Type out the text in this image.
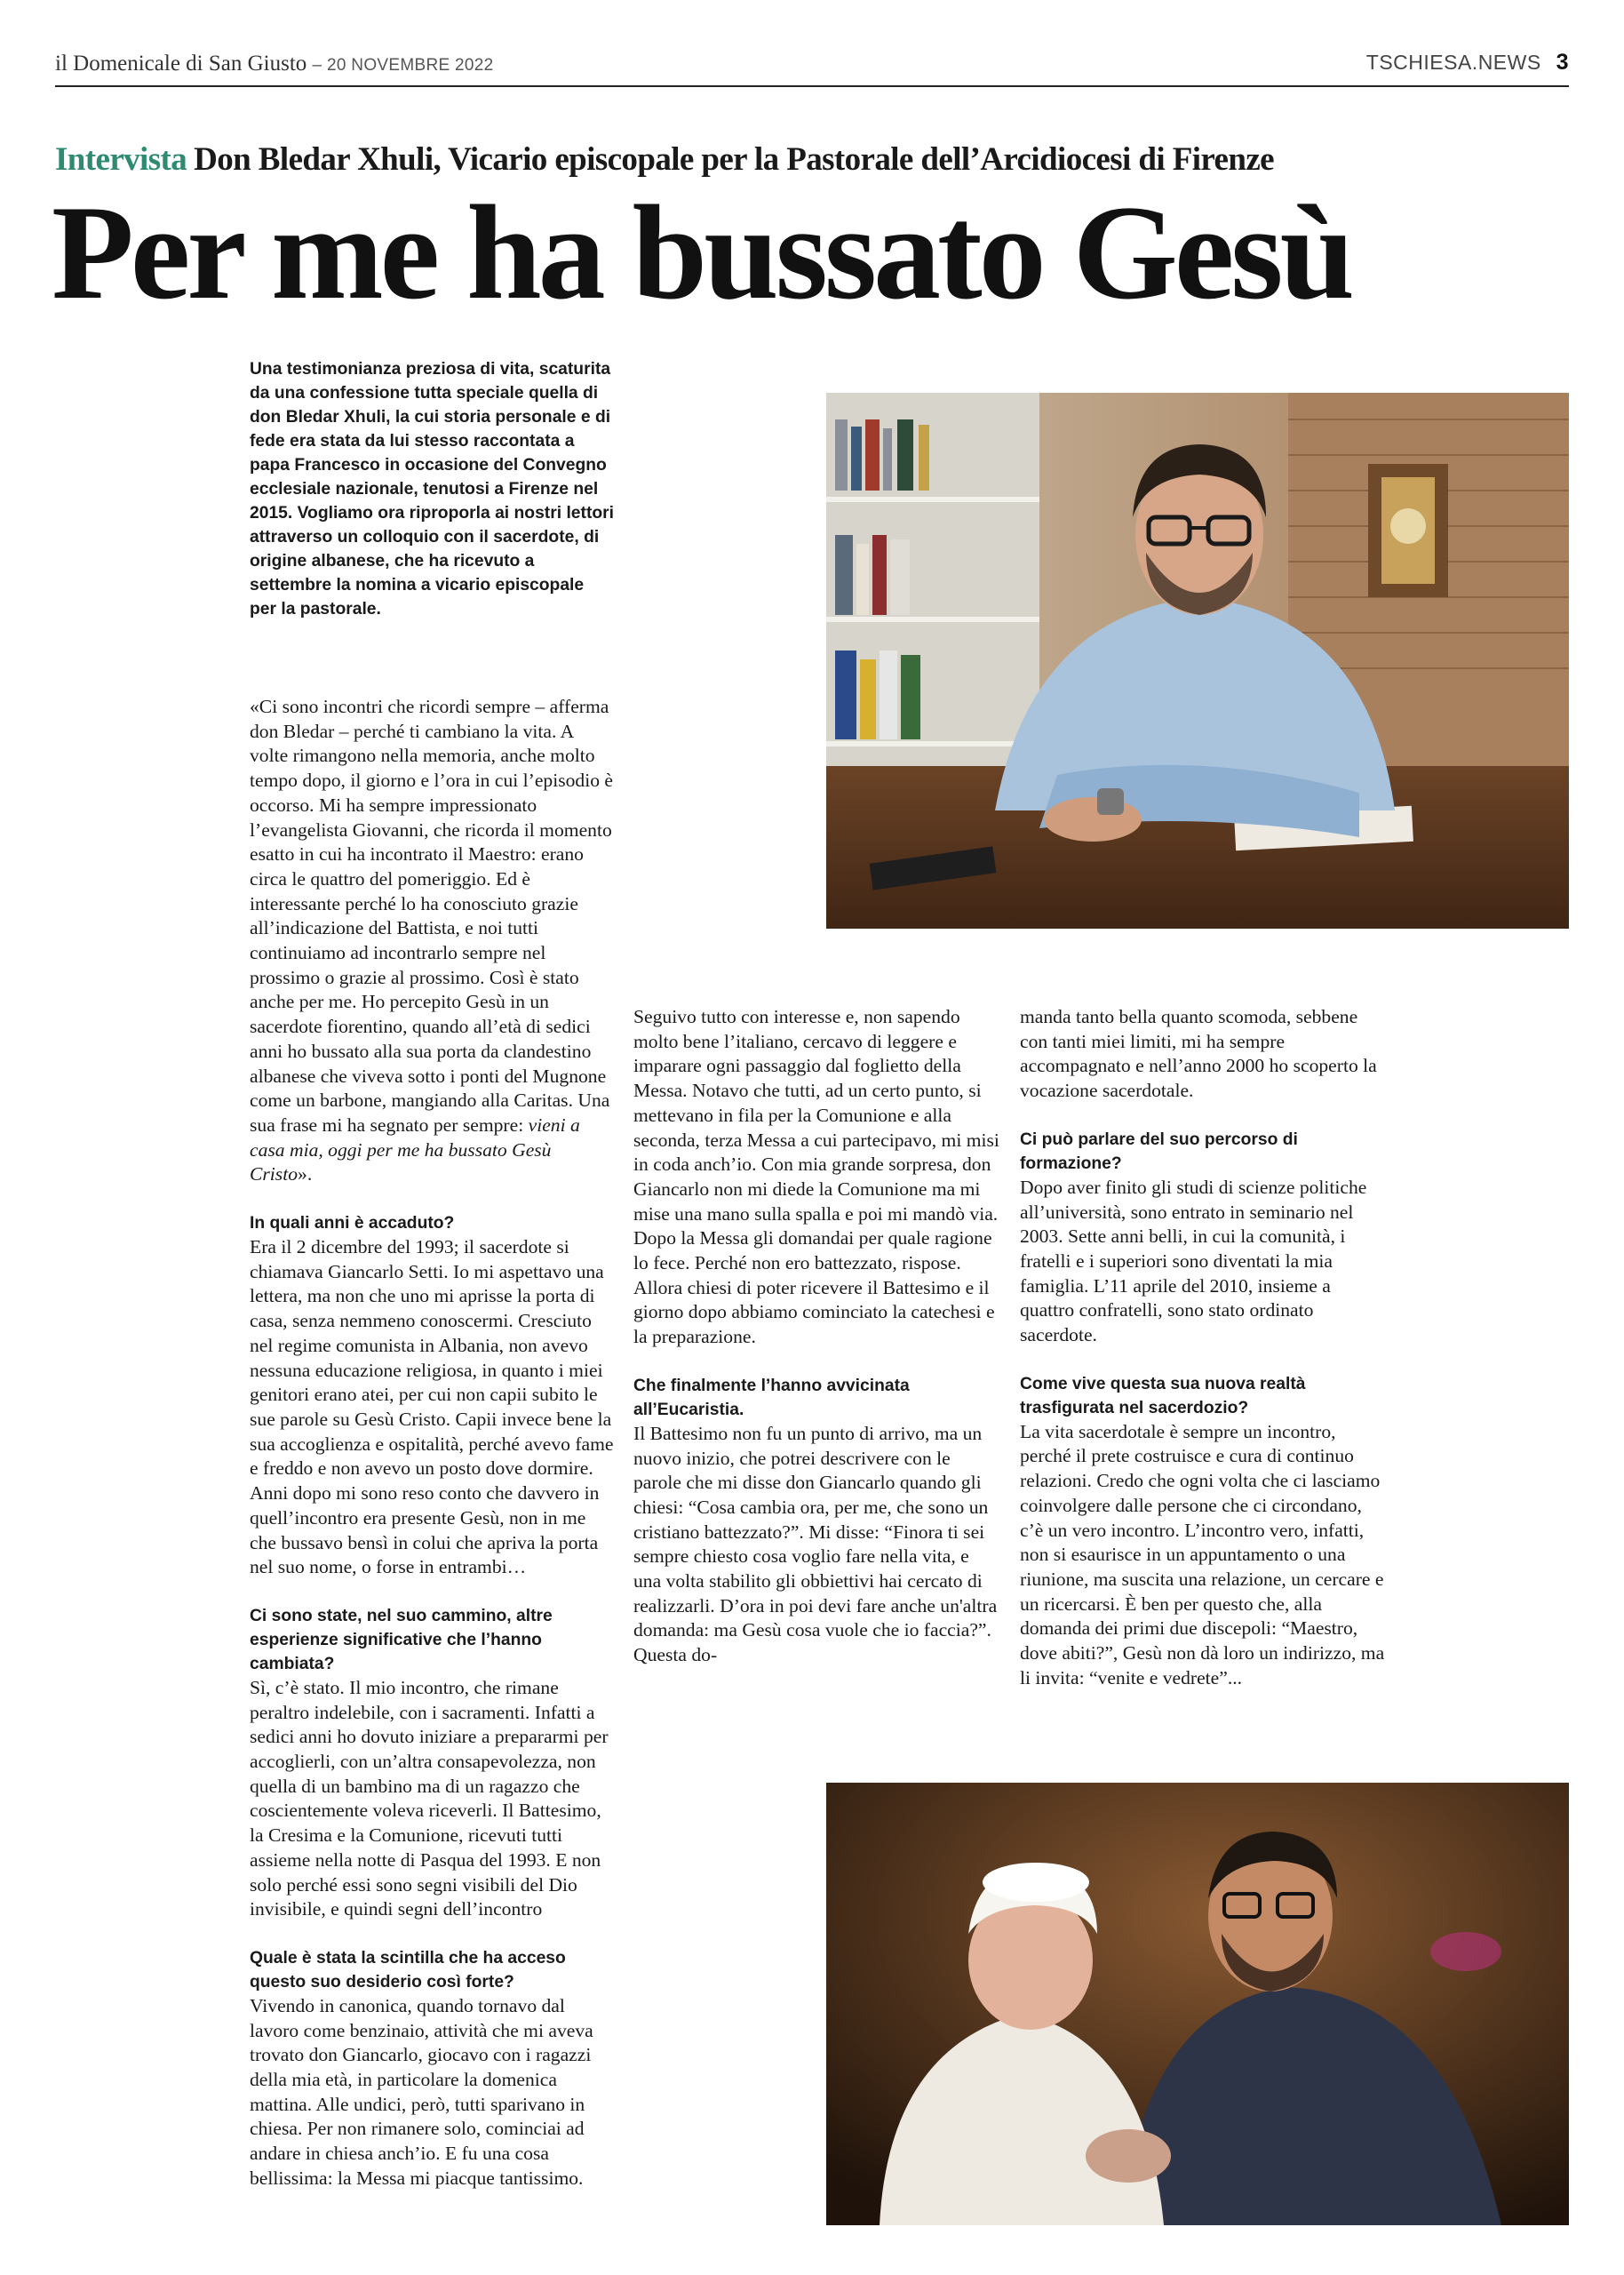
il Domenicale di San Giusto – 20 NOVEMBRE 2022	TSCHIESA.NEWS 3
Intervista Don Bledar Xhuli, Vicario episcopale per la Pastorale dell’Arcidiocesi di Firenze
Per me ha bussato Gesù
Una testimonianza preziosa di vita, scaturita da una confessione tutta speciale quella di don Bledar Xhuli, la cui storia personale e di fede era stata da lui stesso raccontata a papa Francesco in occasione del Convegno ecclesiale nazionale, tenutosi a Firenze nel 2015. Vogliamo ora riproporla ai nostri lettori attraverso un colloquio con il sacerdote, di origine albanese, che ha ricevuto a settembre la nomina a vicario episcopale per la pastorale.

«Ci sono incontri che ricordi sempre – afferma don Bledar – perché ti cambiano la vita. A volte rimangono nella memoria, anche molto tempo dopo, il giorno e l’ora in cui l’episodio è occorso. Mi ha sempre impressionato l’evangelista Giovanni, che ricorda il momento esatto in cui ha incontrato il Maestro: erano circa le quattro del pomeriggio. Ed è interessante perché lo ha conosciuto grazie all’indicazione del Battista, e noi tutti continuiamo ad incontrarlo sempre nel prossimo o grazie al prossimo. Così è stato anche per me. Ho percepito Gesù in un sacerdote fiorentino, quando all’età di sedici anni ho bussato alla sua porta da clandestino albanese che viveva sotto i ponti del Mugnone come un barbone, mangiando alla Caritas. Una sua frase mi ha segnato per sempre: vieni a casa mia, oggi per me ha bussato Gesù Cristo».

In quali anni è accaduto?

Era il 2 dicembre del 1993; il sacerdote si chiamava Giancarlo Setti. Io mi aspettavo una lettera, ma non che uno mi aprisse la porta di casa, senza nemmeno conoscermi. Cresciuto nel regime comunista in Albania, non avevo nessuna educazione religiosa, in quanto i miei genitori erano atei, per cui non capii subito le sue parole su Gesù Cristo. Capii invece bene la sua accoglienza e ospitalità, perché avevo fame e freddo e non avevo un posto dove dormire. Anni dopo mi sono reso conto che davvero in quell’incontro era presente Gesù, non in me che bussavo bensì in colui che apriva la porta nel suo nome, o forse in entrambi…

Ci sono state, nel suo cammino, altre esperienze significative che l’hanno cambiata?

Sì, c’è stato. Il mio incontro, che rimane peraltro indelebile, con i sacramenti. Infatti a sedici anni ho dovuto iniziare a prepararmi per accoglierli, con un’altra consapevolezza, non quella di un bambino ma di un ragazzo che coscientemente voleva riceverli. Il Battesimo, la Cresima e la Comunione, ricevuti tutti assieme nella notte di Pasqua del 1993. E non solo perché essi sono segni visibili del Dio invisibile, e quindi segni dell’incontro

Quale è stata la scintilla che ha acceso questo suo desiderio così forte?

Vivendo in canonica, quando tornavo dal lavoro come benzinaio, attività che mi aveva trovato don Giancarlo, giocavo con i ragazzi della mia età, in particolare la domenica mattina. Alle undici, però, tutti sparivano in chiesa. Per non rimanere solo, cominciai ad andare in chiesa anch’io. E fu una cosa bellissima: la Messa mi piacque tantissimo.

Seguivo tutto con interesse e, non sapendo molto bene l’italiano, cercavo di leggere e imparare ogni passaggio dal foglietto della Messa. Notavo che tutti, ad un certo punto, si mettevano in fila per la Comunione e alla seconda, terza Messa a cui partecipavo, mi misi in coda anch’io. Con mia grande sorpresa, don Giancarlo non mi diede la Comunione ma mi mise una mano sulla spalla e poi mi mandò via. Dopo la Messa gli domandai per quale ragione lo fece. Perché non ero battezzato, rispose. Allora chiesi di poter ricevere il Battesimo e il giorno dopo abbiamo cominciato la catechesi e la preparazione.

Che finalmente l’hanno avvicinata all’Eucaristia.

Il Battesimo non fu un punto di arrivo, ma un nuovo inizio, che potrei descrivere con le parole che mi disse don Giancarlo quando gli chiesi: “Cosa cambia ora, per me, che sono un cristiano battezzato?”. Mi disse: “Finora ti sei sempre chiesto cosa voglio fare nella vita, e una volta stabilito gli obbiettivi hai cercato di realizzarli. D’ora in poi devi fare anche un'altra domanda: ma Gesù cosa vuole che io faccia?”. Questa do-

manda tanto bella quanto scomoda, sebbene con tanti miei limiti, mi ha sempre accompagnato e nell’anno 2000 ho scoperto la vocazione sacerdotale.

Ci può parlare del suo percorso di formazione?

Dopo aver finito gli studi di scienze politiche all’università, sono entrato in seminario nel 2003. Sette anni belli, in cui la comunità, i fratelli e i superiori sono diventati la mia famiglia. L’11 aprile del 2010, insieme a quattro confratelli, sono stato ordinato sacerdote.

Come vive questa sua nuova realtà trasfigurata nel sacerdozio?

La vita sacerdotale è sempre un incontro, perché il prete costruisce e cura di continuo relazioni. Credo che ogni volta che ci lasciamo coinvolgere dalle persone che ci circondano, c’è un vero incontro. L’incontro vero, infatti, non si esaurisce in un appuntamento o una riunione, ma suscita una relazione, un cercare e un ricercarsi. È ben per questo che, alla domanda dei primi due discepoli: “Maestro, dove abiti?”, Gesù non dà loro un indirizzo, ma li invita: “venite e vedrete”...
